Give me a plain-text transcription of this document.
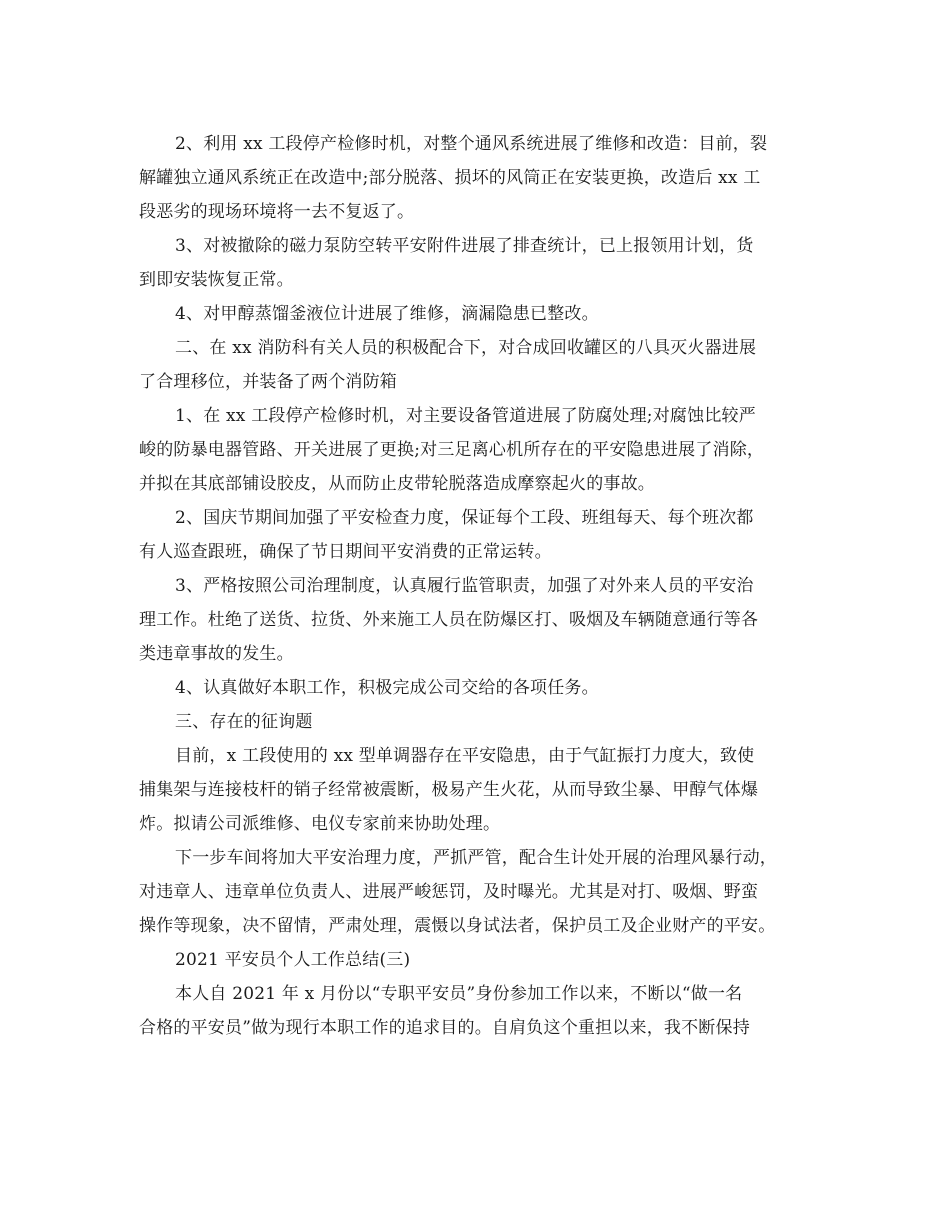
2、利用 xx 工段停产检修时机，对整个通风系统进展了维修和改造：目前，裂
解罐独立通风系统正在改造中;部分脱落、损坏的风筒正在安装更换，改造后 xx 工
段恶劣的现场环境将一去不复返了。
3、对被撤除的磁力泵防空转平安附件进展了排查统计，已上报领用计划，货
到即安装恢复正常。
4、对甲醇蒸馏釜液位计进展了维修，滴漏隐患已整改。
二、在 xx 消防科有关人员的积极配合下，对合成回收罐区的八具灭火器进展
了合理移位，并装备了两个消防箱
1、在 xx 工段停产检修时机，对主要设备管道进展了防腐处理;对腐蚀比较严
峻的防暴电器管路、开关进展了更换;对三足离心机所存在的平安隐患进展了消除，
并拟在其底部铺设胶皮，从而防止皮带轮脱落造成摩察起火的事故。
2、国庆节期间加强了平安检查力度，保证每个工段、班组每天、每个班次都
有人巡查跟班，确保了节日期间平安消费的正常运转。
3、严格按照公司治理制度，认真履行监管职责，加强了对外来人员的平安治
理工作。杜绝了送货、拉货、外来施工人员在防爆区打、吸烟及车辆随意通行等各
类违章事故的发生。
4、认真做好本职工作，积极完成公司交给的各项任务。
三、存在的征询题
目前，x 工段使用的 xx 型单调器存在平安隐患，由于气缸振打力度大，致使
捕集架与连接枝杆的销子经常被震断，极易产生火花，从而导致尘暴、甲醇气体爆
炸。拟请公司派维修、电仪专家前来协助处理。
下一步车间将加大平安治理力度，严抓严管，配合生计处开展的治理风暴行动，
对违章人、违章单位负责人、进展严峻惩罚，及时曝光。尤其是对打、吸烟、野蛮
操作等现象，决不留情，严肃处理，震慑以身试法者，保护员工及企业财产的平安。
2021 平安员个人工作总结(三)
本人自 2021 年 x 月份以“专职平安员”身份参加工作以来，不断以“做一名
合格的平安员”做为现行本职工作的追求目的。自肩负这个重担以来，我不断保持
